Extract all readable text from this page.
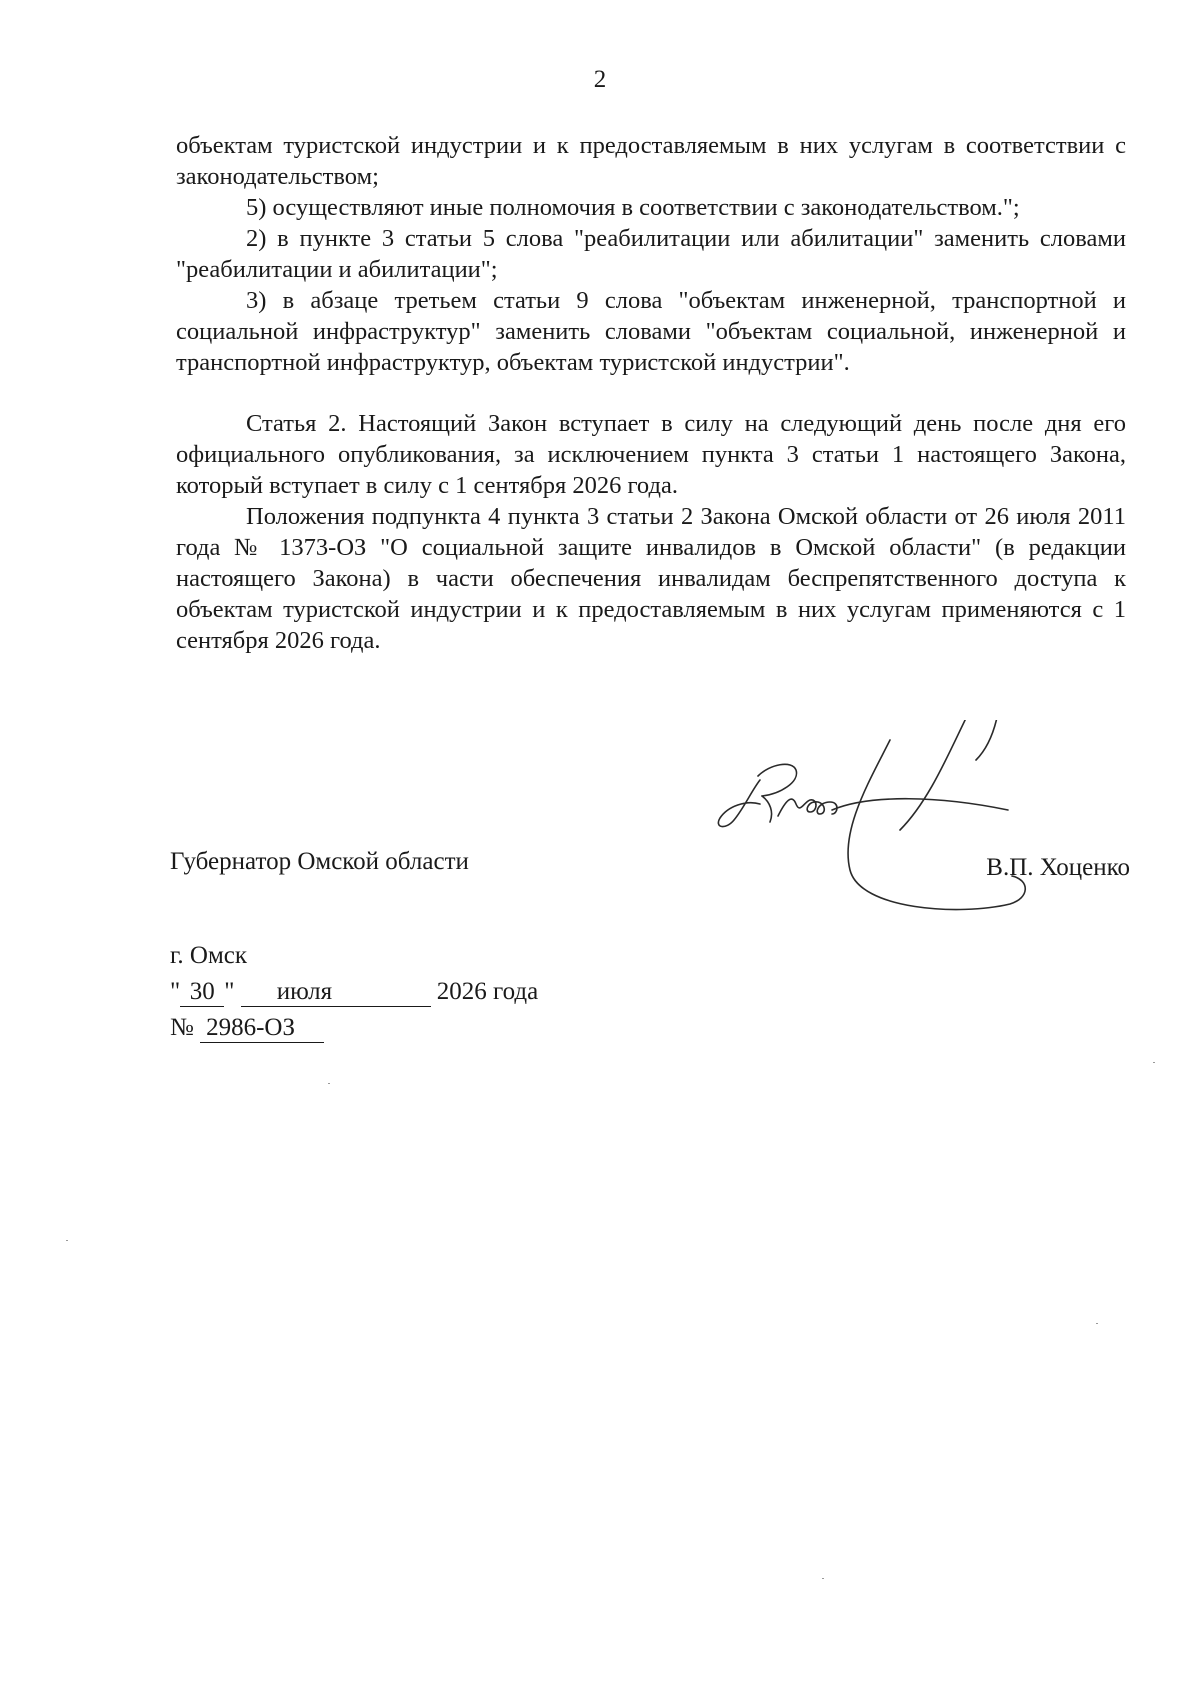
2

объектам туристской индустрии и к предоставляемым в них услугам в соответствии с законодательством;

5) осуществляют иные полномочия в соответствии с законодательством.";

2) в пункте 3 статьи 5 слова "реабилитации или абилитации" заменить словами "реабилитации и абилитации";

3) в абзаце третьем статьи 9 слова "объектам инженерной, транспортной и социальной инфраструктур" заменить словами "объектам социальной, инженерной и транспортной инфраструктур, объектам туристской индустрии".

Статья 2. Настоящий Закон вступает в силу на следующий день после дня его официального опубликования, за исключением пункта 3 статьи 1 настоящего Закона, который вступает в силу с 1 сентября 2026 года.

Положения подпункта 4 пункта 3 статьи 2 Закона Омской области от 26 июля 2011 года № 1373-ОЗ "О социальной защите инвалидов в Омской области" (в редакции настоящего Закона) в части обеспечения инвалидам беспрепятственного доступа к объектам туристской индустрии и к предоставляемым в них услугам применяются с 1 сентября 2026 года.

Губернатор Омской области	В.П. Хоценко
г. Омск
" 30 " июля	2026 года
№ 2986-ОЗ
